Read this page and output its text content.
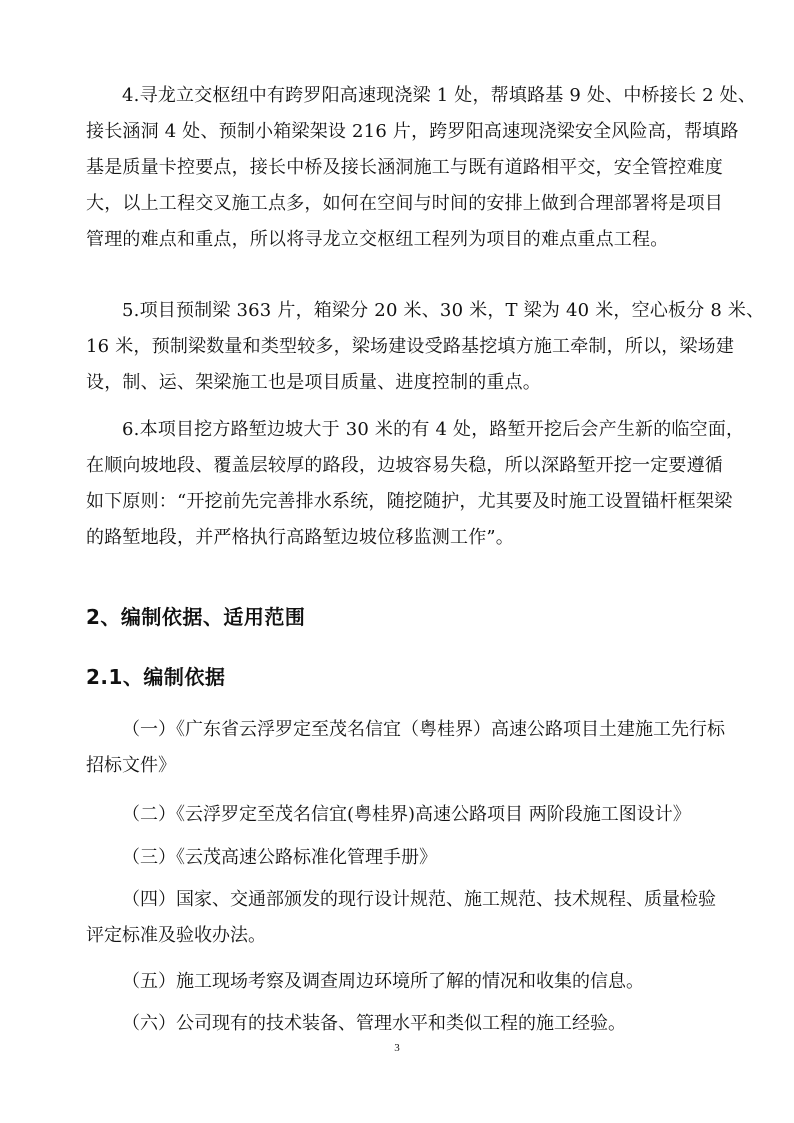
4.寻龙立交枢纽中有跨罗阳高速现浇梁 1 处，帮填路基 9 处、中桥接长 2 处、
接长涵洞 4 处、预制小箱梁架设 216 片，跨罗阳高速现浇梁安全风险高，帮填路
基是质量卡控要点，接长中桥及接长涵洞施工与既有道路相平交，安全管控难度
大，以上工程交叉施工点多，如何在空间与时间的安排上做到合理部署将是项目
管理的难点和重点，所以将寻龙立交枢纽工程列为项目的难点重点工程。

5.项目预制梁 363 片，箱梁分 20 米、30 米，T 梁为 40 米，空心板分 8 米、
16 米，预制梁数量和类型较多，梁场建设受路基挖填方施工牵制，所以，梁场建
设，制、运、架梁施工也是项目质量、进度控制的重点。

6.本项目挖方路堑边坡大于 30 米的有 4 处，路堑开挖后会产生新的临空面，
在顺向坡地段、覆盖层较厚的路段，边坡容易失稳，所以深路堑开挖一定要遵循
如下原则：“开挖前先完善排水系统，随挖随护，尤其要及时施工设置锚杆框架梁
的路堑地段，并严格执行高路堑边坡位移监测工作”。

2、编制依据、适用范围
2.1、编制依据

（一）《广东省云浮罗定至茂名信宜（粤桂界）高速公路项目土建施工先行标
招标文件》

（二）《云浮罗定至茂名信宜(粤桂界)高速公路项目 两阶段施工图设计》

（三）《云茂高速公路标准化管理手册》

（四）国家、交通部颁发的现行设计规范、施工规范、技术规程、质量检验
评定标准及验收办法。

（五）施工现场考察及调查周边环境所了解的情况和收集的信息。

（六）公司现有的技术装备、管理水平和类似工程的施工经验。

3
